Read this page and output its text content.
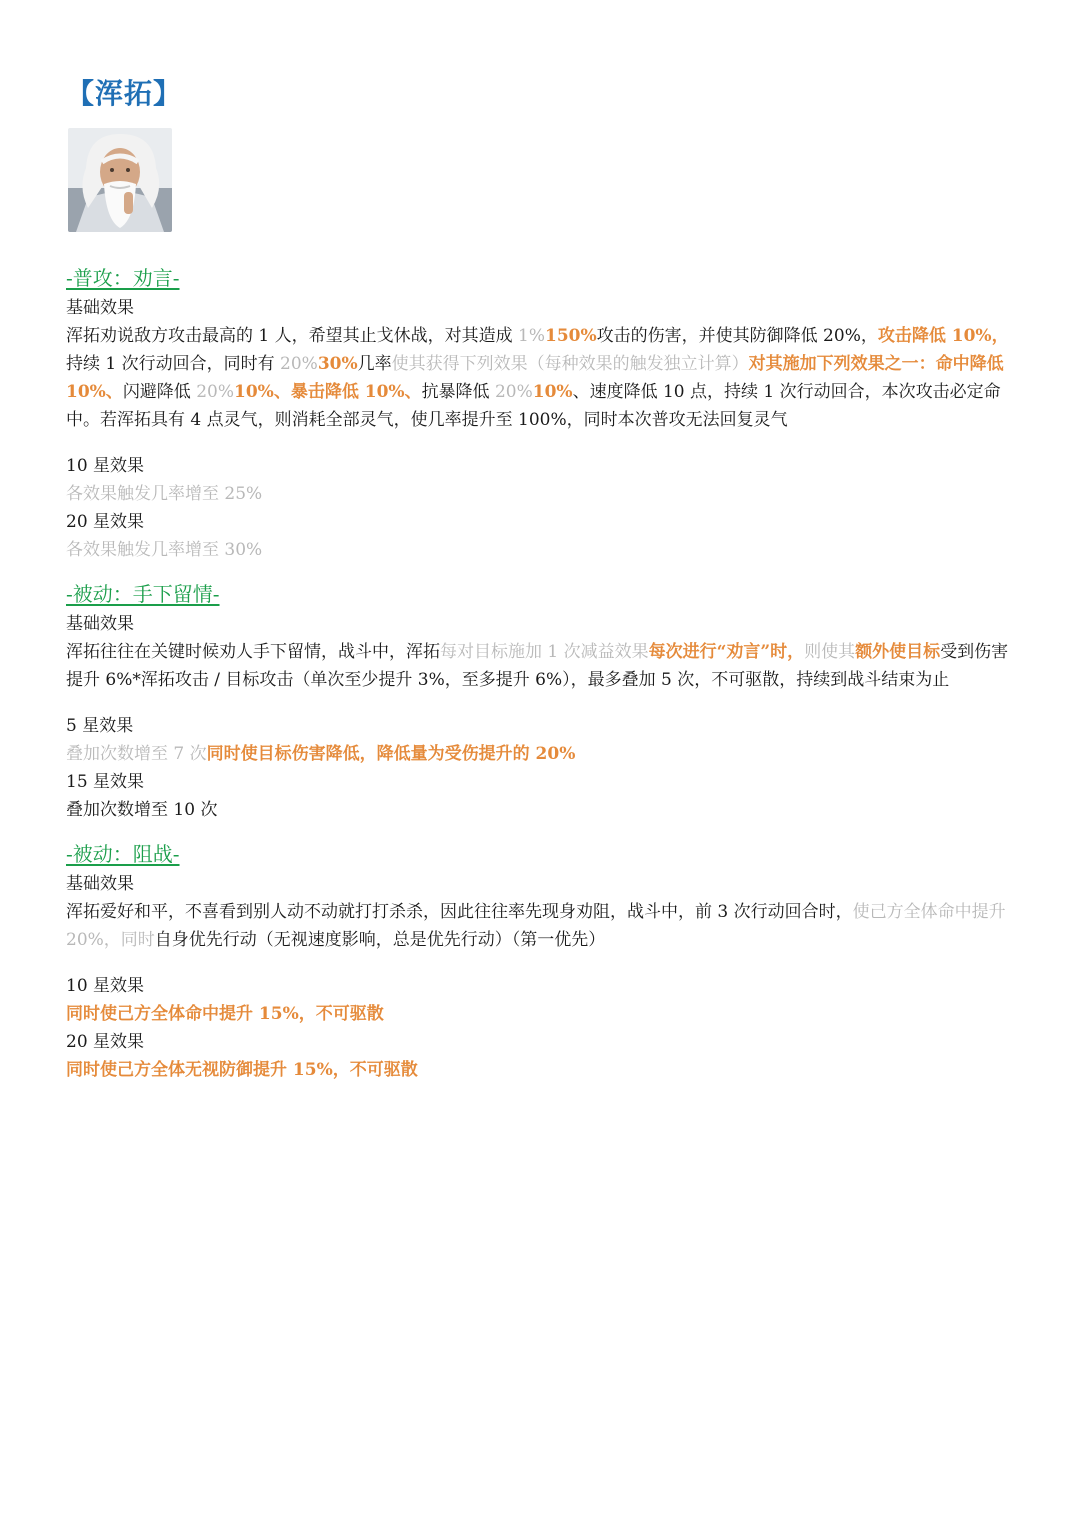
【浑拓】

-普攻：劝言-

基础效果

浑拓劝说敌方攻击最高的 1 人，希望其止戈休战，对其造成 1%150%攻击的伤害，并使其防御降低 20%，攻击降低 10%，持续 1 次行动回合，同时有 20%30%几率使其获得下列效果（每种效果的触发独立计算）对其施加下列效果之一：命中降低 10%、闪避降低 20%10%、暴击降低 10%、抗暴降低 20%10%、速度降低 10 点，持续 1 次行动回合，本次攻击必定命中。若浑拓具有 4 点灵气，则消耗全部灵气，使几率提升至 100%，同时本次普攻无法回复灵气

10 星效果

各效果触发几率增至 25%

20 星效果

各效果触发几率增至 30%

-被动：手下留情-

基础效果

浑拓往往在关键时候劝人手下留情，战斗中，浑拓每对目标施加 1 次减益效果每次进行“劝言”时，则使其额外使目标受到伤害提升 6%*浑拓攻击 / 目标攻击（单次至少提升 3%，至多提升 6%），最多叠加 5 次，不可驱散，持续到战斗结束为止

5 星效果

叠加次数增至 7 次同时使目标伤害降低，降低量为受伤提升的 20%

15 星效果

叠加次数增至 10 次

-被动：阻战-

基础效果

浑拓爱好和平，不喜看到别人动不动就打打杀杀，因此往往率先现身劝阻，战斗中，前 3 次行动回合时，使己方全体命中提升 20%，同时自身优先行动（无视速度影响，总是优先行动）（第一优先）

10 星效果

同时使己方全体命中提升 15%，不可驱散

20 星效果

同时使己方全体无视防御提升 15%，不可驱散
